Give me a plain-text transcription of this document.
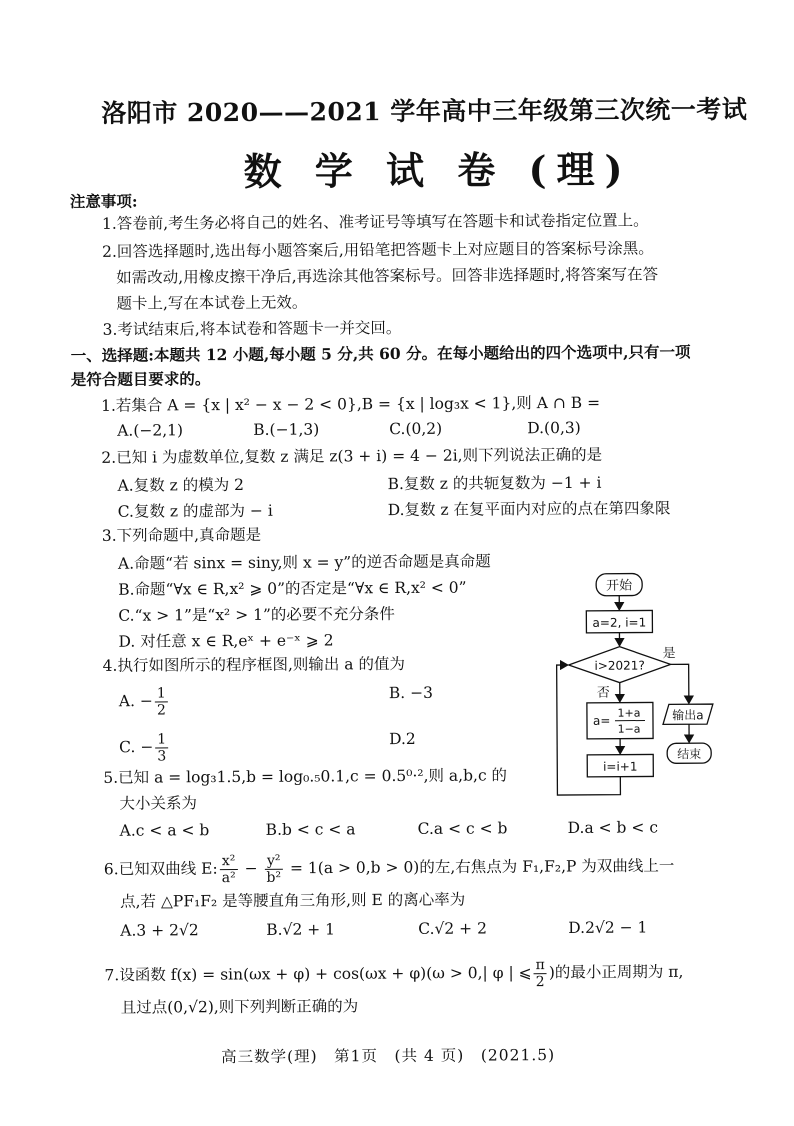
洛阳市 2020——2021 学年高中三年级第三次统一考试
数 学 试 卷 (理)
注意事项:
1.答卷前,考生务必将自己的姓名、准考证号等填写在答题卡和试卷指定位置上。
2.回答选择题时,选出每小题答案后,用铅笔把答题卡上对应题目的答案标号涂黑。
如需改动,用橡皮擦干净后,再选涂其他答案标号。回答非选择题时,将答案写在答
题卡上,写在本试卷上无效。
3.考试结束后,将本试卷和答题卡一并交回。
一、选择题:本题共 12 小题,每小题 5 分,共 60 分。在每小题给出的四个选项中,只有一项
是符合题目要求的。
1.若集合 A = {x | x² − x − 2 < 0},B = {x | log₃x < 1},则 A ∩ B =
A.(−2,1)	B.(−1,3)	C.(0,2)	D.(0,3)
2.已知 i 为虚数单位,复数 z 满足 z(3 + i) = 4 − 2i,则下列说法正确的是
A.复数 z 的模为 2	B.复数 z 的共轭复数为 −1 + i
C.复数 z 的虚部为 − i	D.复数 z 在复平面内对应的点在第四象限
3.下列命题中,真命题是
A.命题“若 sinx = siny,则 x = y”的逆否命题是真命题
B.命题“∀x ∈ R,x² ⩾ 0”的否定是“∀x ∈ R,x² < 0”
C.“x > 1”是“x² > 1”的必要不充分条件
D. 对任意 x ∈ R,eˣ + e⁻ˣ ⩾ 2
4.执行如图所示的程序框图,则输出 a 的值为
A. − $\frac{1}{2}$	B. −3
C. − $\frac{1}{3}$	D.2
开始
a=2, i=1
i>2021?
是
否
a=
1+a
1−a
输出a
结束
i=i+1
5.已知 a = log₃1.5,b = log₀.₅0.1,c = 0.5⁰·²,则 a,b,c 的
大小关系为
A.c < a < b	B.b < c < a	C.a < c < b	D.a < b < c
6.已知双曲线 E: $\frac{\text{x²}}{\text{a²}} - \frac{\text{y²}}{\text{b²}} = 1(a > 0,b > 0)$的左,右焦点为 F₁,F₂,P 为双曲线上一
点,若 △PF₁F₂ 是等腰直角三角形,则 E 的离心率为
A.3 + 2√2	B.√2 + 1	C.√2 + 2	D.2√2 − 1
7.设函数 f(x) = sin(ωx + φ) + cos(ωx + φ)(ω > 0,| φ | ⩽ $\frac{\pi}{2}$ )的最小正周期为 π,
且过点(0,√2),则下列判断正确的为
高三数学(理)　第1页　(共 4 页)　(2021.5)
